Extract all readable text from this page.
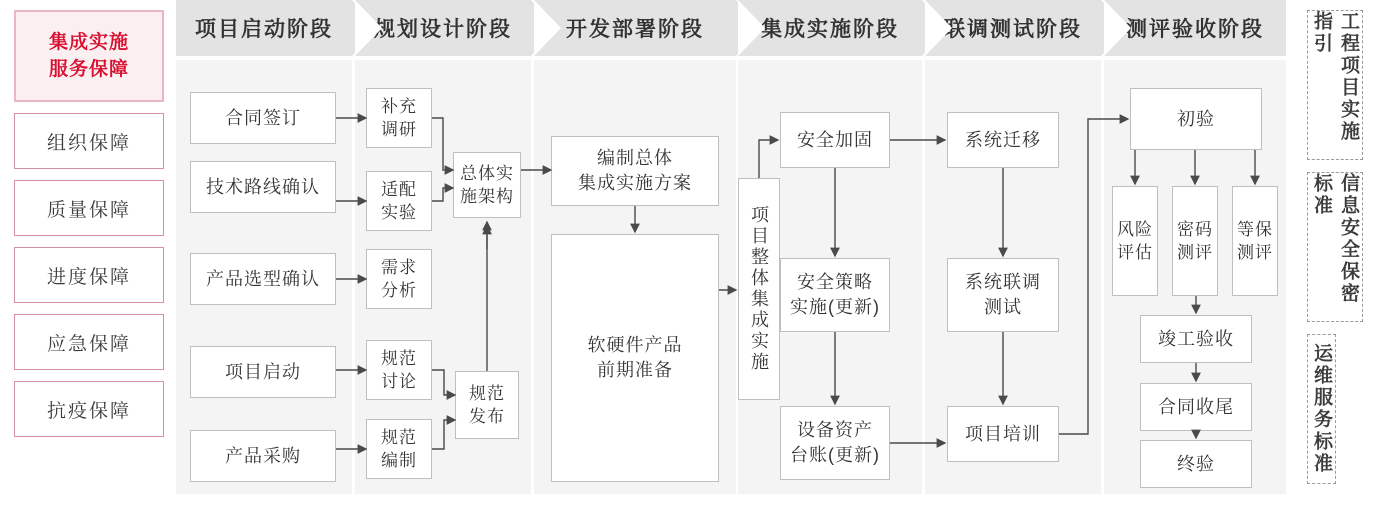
集成实施
服务保障
组织保障
质量保障
进度保障
应急保障
抗疫保障
项目启动阶段
合同签订
技术路线确认
产品选型确认
项目启动
产品采购
规划设计阶段
补充
调研
适配
实验
需求
分析
规范
讨论
规范
编制
总体实
施架构
规范
发布
开发部署阶段
编制总体
集成实施方案
软硬件产品
前期准备
集成实施阶段
项目整体集成实施
安全加固
安全策略
实施(更新)
设备资产
台账(更新)
联调测试阶段
系统迁移
系统联调
测试
项目培训
测评验收阶段
初验
风险
评估
密码
测评
等保
测评
竣工验收
合同收尾
终验
工程项目实施指引
信息安全保密标准
运维服务标准
